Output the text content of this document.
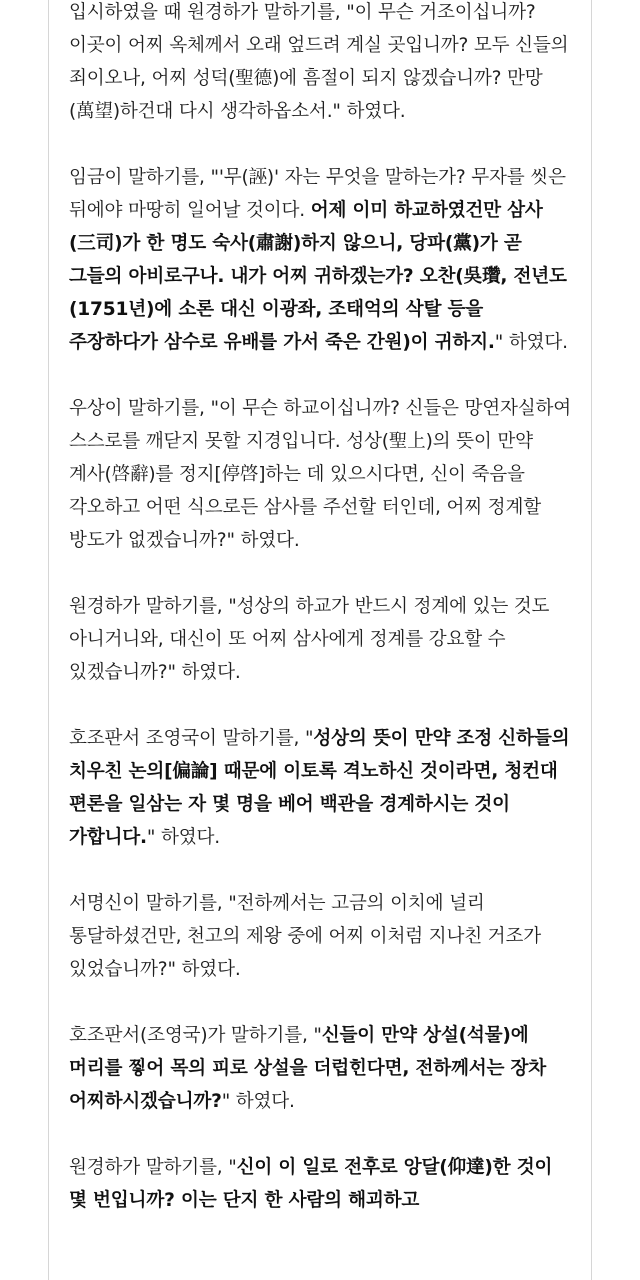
입시하였을 때 원경하가 말하기를, "이 무슨 거조이십니까? 이곳이 어찌 옥체께서 오래 엎드려 계실 곳입니까? 모두 신들의 죄이오나, 어찌 성덕(聖德)에 흠절이 되지 않겠습니까? 만망(萬望)하건대 다시 생각하옵소서." 하였다.

임금이 말하기를, "'무(誣)' 자는 무엇을 말하는가? 무자를 씻은 뒤에야 마땅히 일어날 것이다. 어제 이미 하교하였건만 삼사(三司)가 한 명도 숙사(肅謝)하지 않으니, 당파(黨)가 곧 그들의 아비로구나. 내가 어찌 귀하겠는가? 오찬(吳瓚, 전년도(1751년)에 소론 대신 이광좌, 조태억의 삭탈 등을 주장하다가 삼수로 유배를 가서 죽은 간원)이 귀하지." 하였다.

우상이 말하기를, "이 무슨 하교이십니까? 신들은 망연자실하여 스스로를 깨닫지 못할 지경입니다. 성상(聖上)의 뜻이 만약 계사(啓辭)를 정지[停啓]하는 데 있으시다면, 신이 죽음을 각오하고 어떤 식으로든 삼사를 주선할 터인데, 어찌 정계할 방도가 없겠습니까?" 하였다.

원경하가 말하기를, "성상의 하교가 반드시 정계에 있는 것도 아니거니와, 대신이 또 어찌 삼사에게 정계를 강요할 수 있겠습니까?" 하였다.

호조판서 조영국이 말하기를, "성상의 뜻이 만약 조정 신하들의 치우친 논의[偏論] 때문에 이토록 격노하신 것이라면, 청컨대 편론을 일삼는 자 몇 명을 베어 백관을 경계하시는 것이 가합니다." 하였다.

서명신이 말하기를, "전하께서는 고금의 이치에 널리 통달하셨건만, 천고의 제왕 중에 어찌 이처럼 지나친 거조가 있었습니까?" 하였다.

호조판서(조영국)가 말하기를, "신들이 만약 상설(석물)에 머리를 찧어 목의 피로 상설을 더럽힌다면, 전하께서는 장차 어찌하시겠습니까?" 하였다.

원경하가 말하기를, "신이 이 일로 전후로 앙달(仰達)한 것이 몇 번입니까? 이는 단지 한 사람의 해괴하고
